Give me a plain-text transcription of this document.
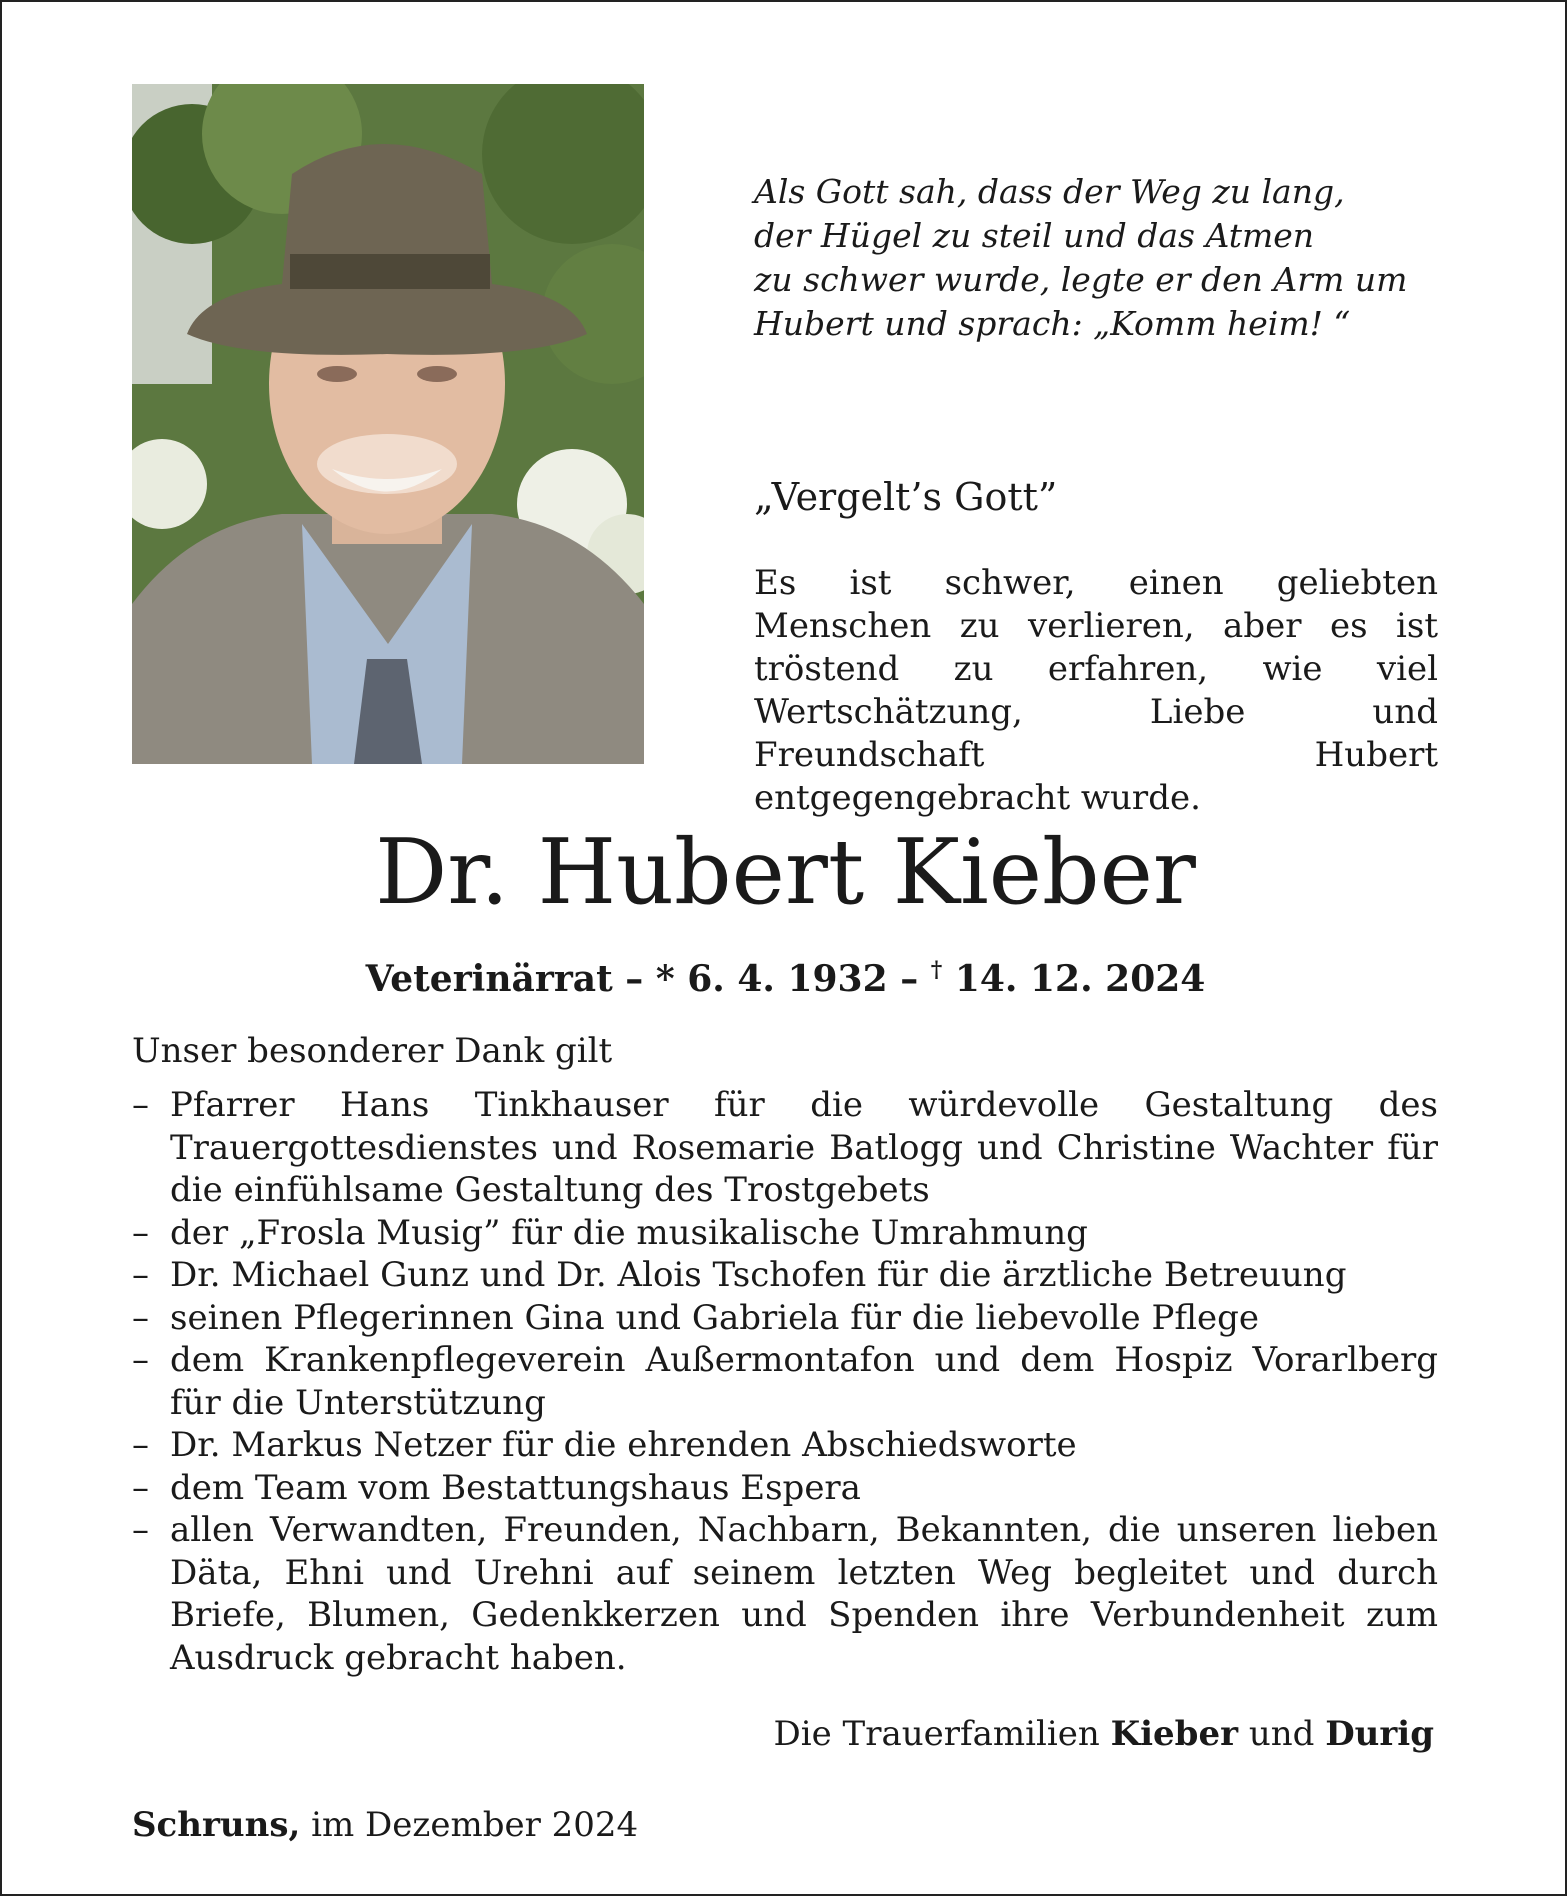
Als Gott sah, dass der Weg zu lang,
der Hügel zu steil und das Atmen
zu schwer wurde, legte er den Arm um
Hubert und sprach: „Komm heim! “
„Vergelt’s Gott”
Es ist schwer, einen geliebten Menschen zu verlieren, aber es ist tröstend zu erfahren, wie viel Wertschätzung, Liebe und Freundschaft Hubert entgegengebracht wurde.
Dr. Hubert Kieber
Veterinärrat – * 6. 4. 1932 – † 14. 12. 2024
Unser besonderer Dank gilt
– Pfarrer Hans Tinkhauser für die würdevolle Gestaltung des Trauergottesdienstes und Rosemarie Batlogg und Christine Wachter für die einfühlsame Gestaltung des Trostgebets
– der „Frosla Musig” für die musikalische Umrahmung
– Dr. Michael Gunz und Dr. Alois Tschofen für die ärztliche Betreuung
– seinen Pflegerinnen Gina und Gabriela für die liebevolle Pflege
– dem Krankenpflegeverein Außermontafon und dem Hospiz Vorarlberg für die Unterstützung
– Dr. Markus Netzer für die ehrenden Abschiedsworte
– dem Team vom Bestattungshaus Espera
– allen Verwandten, Freunden, Nachbarn, Bekannten, die unseren lieben Däta, Ehni und Urehni auf seinem letzten Weg begleitet und durch Briefe, Blumen, Gedenkkerzen und Spenden ihre Verbundenheit zum Ausdruck gebracht haben.
Die Trauerfamilien Kieber und Durig
Schruns, im Dezember 2024
